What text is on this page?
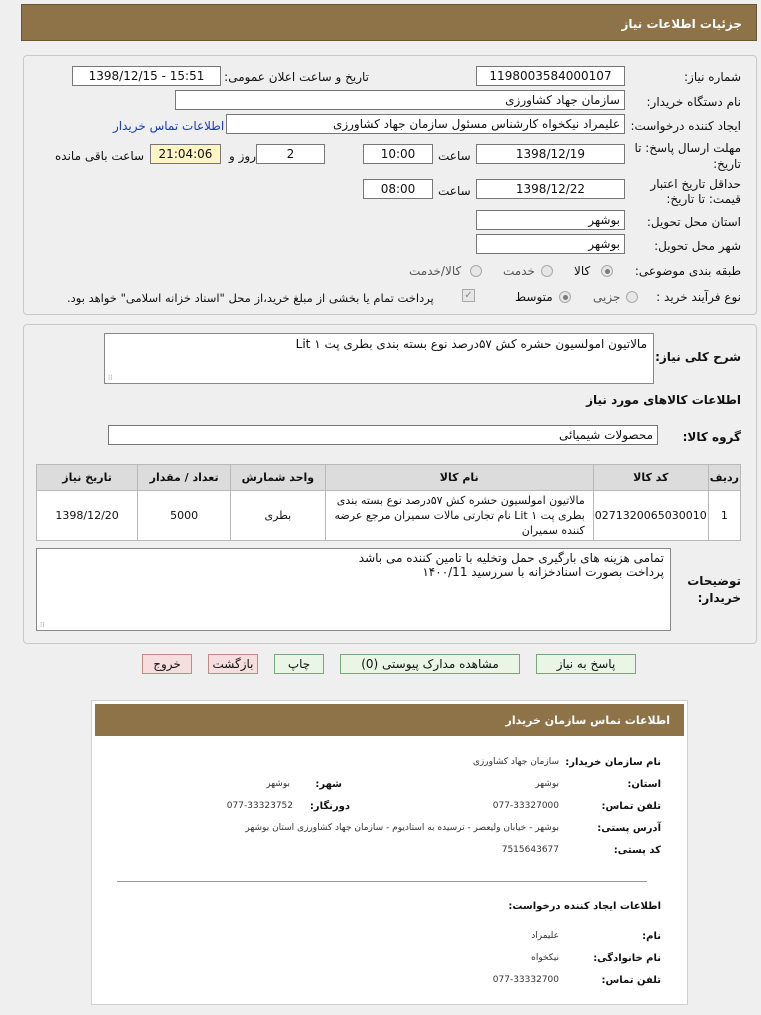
جزئیات اطلاعات نیاز
شماره نیاز:
1198003584000107
تاریخ و ساعت اعلان عمومی:
1398/12/15 - 15:51
نام دستگاه خریدار:
سازمان جهاد کشاورزی
ایجاد کننده درخواست:
علیمراد نیکخواه کارشناس مسئول سازمان جهاد کشاورزی
اطلاعات تماس خریدار
مهلت ارسال پاسخ: تا
تاریخ:
1398/12/19
ساعت
10:00
2
روز و
21:04:06
ساعت باقی مانده
حداقل تاریخ اعتبار
قیمت: تا تاریخ:
1398/12/22
ساعت
08:00
استان محل تحویل:
بوشهر
شهر محل تحویل:
بوشهر
طبقه بندی موضوعی:
کالا
خدمت
کالا/خدمت
نوع فرآیند خرید :
جزیی
متوسط
✓
پرداخت تمام یا بخشی از مبلغ خرید،از محل "اسناد خزانه اسلامی" خواهد بود.
شرح کلی نیاز:
مالاتیون امولسیون حشره کش ۵۷درصد نوع بسته بندی بطری پت ۱ Lit
⁞⁞
اطلاعات کالاهای مورد نیاز
گروه کالا:
محصولات شیمیائی
ردیف	کد کالا	نام کالا	واحد شمارش	تعداد / مقدار	تاریخ نیاز
1	0271320065030010	مالاتیون امولسیون حشره کش ۵۷درصد نوع بسته بندی بطری پت ۱ Lit نام تجارتی مالات سمیران مرجع عرضه کننده سمیران	بطری	5000	1398/12/20
توضیحات
خریدار:
تمامی هزینه های بارگیری حمل وتخلیه با تامین کننده می باشد
پرداخت بصورت اسنادخزانه با سررسید ۱۴۰۰/11
⁞⁞
پاسخ به نیاز
مشاهده مدارک پیوستی (0)
چاپ
بازگشت
خروج
اطلاعات تماس سازمان خریدار
نام سازمان خریدار:
سازمان جهاد کشاورزی
استان:
بوشهر
شهر:
بوشهر
تلفن تماس:
077-33327000
دورنگار:
077-33323752
آدرس پستی:
بوشهر - خیابان ولیعصر - ترسیده به استادیوم - سازمان جهاد کشاورزی استان بوشهر
کد پستی:
7515643677
اطلاعات ایجاد کننده درخواست:
نام:
علیمراد
نام خانوادگی:
نیکخواه
تلفن تماس:
077-33332700
